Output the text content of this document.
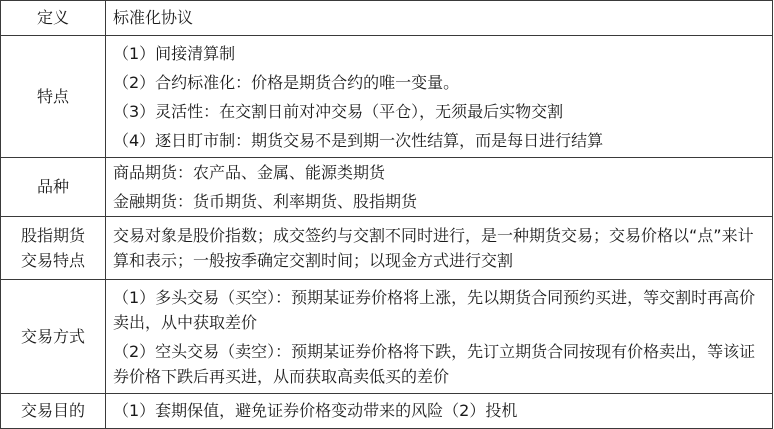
定义	标准化协议
特点	（1）间接清算制
（2）合约标准化：价格是期货合约的唯一变量。
（3）灵活性：在交割日前对冲交易（平仓），无须最后实物交割
（4）逐日盯市制：期货交易不是到期一次性结算，而是每日进行结算

品种	商品期货：农产品、金属、能源类期货
金融期货：货币期货、利率期货、股指期货

股指期货
交易特点	交易对象是股价指数；成交签约与交割不同时进行，是一种期货交易；交易价格以“点”来计算和表示；一般按季确定交割时间；以现金方式进行交割

交易方式	（1）多头交易（买空）：预期某证券价格将上涨，先以期货合同预约买进，等交割时再高价卖出，从中获取差价
（2）空头交易（卖空）：预期某证券价格将下跌，先订立期货合同按现有价格卖出，等该证券价格下跌后再买进，从而获取高卖低买的差价

交易目的	（1）套期保值，避免证券价格变动带来的风险（2）投机
